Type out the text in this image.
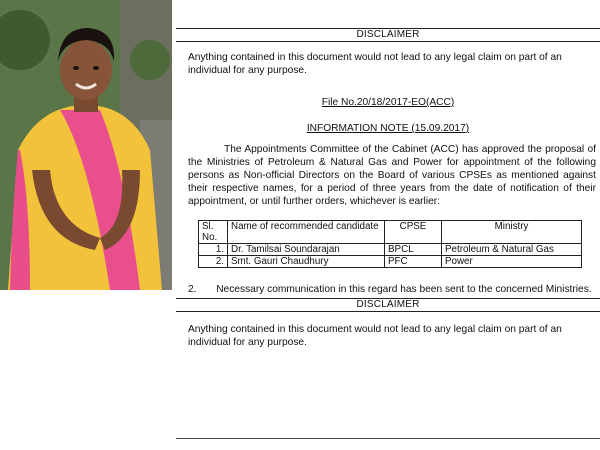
DISCLAIMER
Anything contained in this document would not lead to any legal claim on part of an individual for any purpose.
File No.20/18/2017-EO(ACC)
INFORMATION NOTE (15.09.2017)
The Appointments Committee of the Cabinet (ACC) has approved the proposal of the Ministries of Petroleum & Natural Gas and Power for appointment of the following persons as Non-official Directors on the Board of various CPSEs as mentioned against their respective names, for a period of three years from the date of notification of their appointment, or until further orders, whichever is earlier:
Sl. No.	Name of recommended candidate	CPSE	Ministry
1.	Dr. Tamilsai Soundarajan	BPCL	Petroleum & Natural Gas
2.	Smt. Gauri Chaudhury	PFC	Power
2. Necessary communication in this regard has been sent to the concerned Ministries.
DISCLAIMER
Anything contained in this document would not lead to any legal claim on part of an individual for any purpose.
